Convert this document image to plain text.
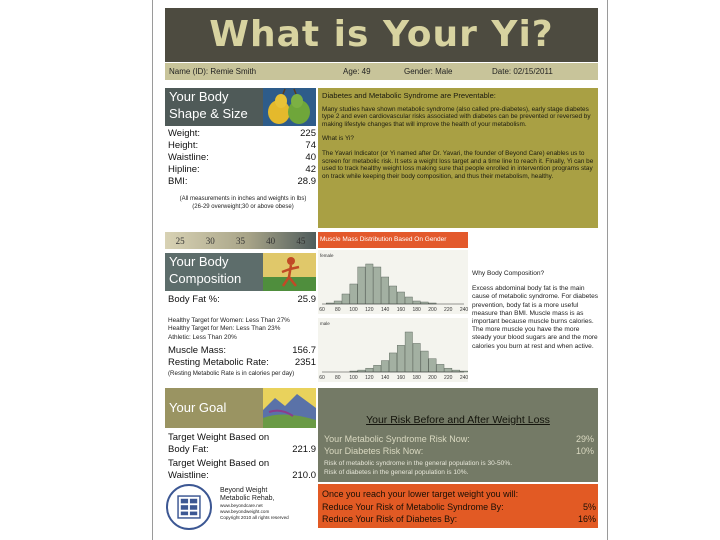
What is Your Yi?
Name (ID): Remie Smith	Age: 49	Gender: Male	Date: 02/15/2011
Your Body
Shape & Size
Weight:	225
Height:	74
Waistline:	40
Hipline:	42
BMI:	28.9
(All measurements in inches and weights in lbs)
(26-29 overweight;30 or above obese)
Diabetes and Metabolic Syndrome are Preventable:

Many studies have shown metabolic syndrome (also called pre-diabetes), early stage diabetes type 2 and even cardiovascular risks associated with diabetes can be prevented or reversed by making lifestyle changes that will improve the health of your metabolism.

What is Yi?

The Yavari Indicator (or Yi named after Dr. Yavari, the founder of Beyond Care) enables us to screen for metabolic risk. It sets a weight loss target and a time line to reach it. Finally, Yi can be used to track healthy weight loss making sure that people enrolled in intervention programs stay on track while keeping their body composition, and thus their metabolism, healthy.

25 30 35 40 45
Your Body
Composition
Body Fat %:	25.9
Healthy Target for Women: Less Than 27%
Healthy Target for Men: Less Than 23%
Athletic: Less Than 20%
Muscle Mass:	156.7
Resting Metabolic Rate:	2351
(Resting Metabolic Rate is in calories per day)
Muscle Mass Distribution Based On Gender
female
60 80 100 120 140 160 180 200 220 240
male
60 80 100 120 140 160 180 200 220 240

Why Body Composition?

Excess abdominal body fat is the main cause of metabolic syndrome. For diabetes prevention, body fat is a more useful measure than BMI. Muscle mass is as important because muscle burns calories. The more muscle you have the more steady your blood sugars are and the more calories you burn at rest and when active.

Your Goal
Target Weight Based on
Body Fat:	221.9
Target Weight Based on
Waistline:	210.0
Your Risk Before and After Weight Loss
Your Metabolic Syndrome Risk Now:	29%
Your Diabetes Risk Now:	10%
Risk of metabolic syndrome in the general population is 30-50%.
Risk of diabetes in the general population is 10%.
Once you reach your lower target weight you will:
Reduce Your Risk of Metabolic Syndrome By:	5%
Reduce Your Risk of Diabetes By:	16%
Beyond Weight
Metabolic Rehab,
www.beyondcare.net
www.beyondweight.com
Copyright 2010 all rights reserved
